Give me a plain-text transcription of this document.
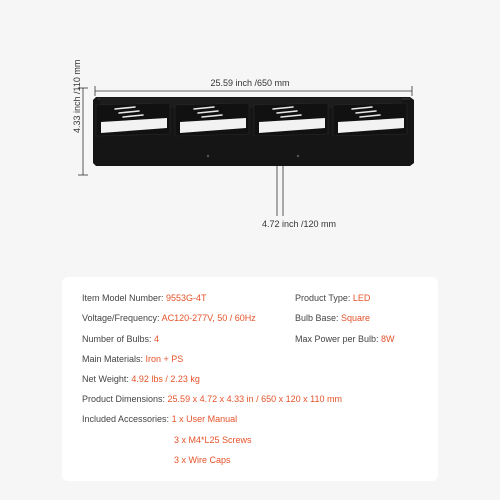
25.59 inch /650 mm
4.33 inch /110 mm
4.72 inch /120 mm
Item Model Number: 9553G-4T
Voltage/Frequency: AC120-277V, 50 / 60Hz
Number of Bulbs: 4
Main Materials: Iron + PS
Net Weight: 4.92 lbs / 2.23 kg
Product Dimensions: 25.59 x 4.72 x 4.33 in / 650 x 120 x 110 mm
Included Accessories: 1 x User Manual
3 x M4*L25 Screws
3 x Wire Caps
Product Type: LED
Bulb Base: Square
Max Power per Bulb: 8W
